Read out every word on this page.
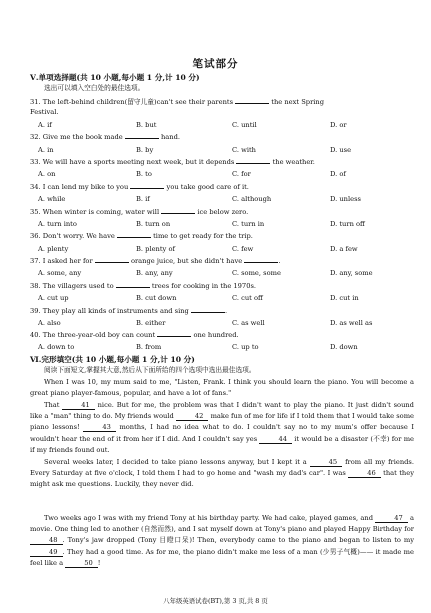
笔试部分
Ⅴ.单项选择题(共 10 小题,每小题 1 分,计 10 分)
选出可以填入空白处的最佳选项。
31. The left-behind children(留守儿童)can't see their parents	the next Spring
Festival.
A. if	B. but	C. until	D. or
32. Give me the book made	hand.
A. in	B. by	C. with	D. use
33. We will have a sports meeting next week, but it depends	the weather.
A. on	B. to	C. for	D. of
34. I can lend my bike to you	you take good care of it.
A. while	B. if	C. although	D. unless
35. When winter is coming, water will	ice below zero.
A. turn into	B. turn on	C. turn in	D. turn off
36. Don't worry. We have	time to get ready for the trip.
A. plenty	B. plenty of	C. few	D. a few
37. I asked her for	orange juice, but she didn't have	.
A. some, any	B. any, any	C. some, some	D. any, some
38. The villagers used to	trees for cooking in the 1970s.
A. cut up	B. cut down	C. cut off	D. cut in
39. They play all kinds of instruments and sing	.
A. also	B. either	C. as well	D. as well as
40. The three-year-old boy can count	one hundred.
A. down to	B. from	C. up to	D. down
Ⅵ.完形填空(共 10 小题,每小题 1 分,计 10 分)
阅读下面短文,掌握其大意,然后从下面所给的四个选项中选出最佳选项。
When I was 10, my mum said to me, "Listen, Frank. I think you should learn the piano. You will become a great piano player-famous, popular, and have a lot of fans."
That	41 nice. But for me, the problem was that I didn't want to play the piano. It just didn't sound like a "man" thing to do. My friends would	42 make fun of me for life if I told them that I would take some piano lessons!	43 months, I had no idea what to do. I couldn't say no to my mum's offer because I wouldn't hear the end of it from her if I did. And I couldn't say yes	44 it would be a disaster (不幸) for me if my friends found out.
Several weeks later, I decided to take piano lessons anyway, but I kept it a	45 from all my friends. Every Saturday at five o'clock, I told them I had to go home and "wash my dad's car". I was	46 that they might ask me questions. Luckily, they never did.
Two weeks ago I was with my friend Tony at his birthday party. We had cake, played games, and	47 a movie. One thing led to another (自然而然), and I sat myself down at Tony's piano and played Happy Birthday for 48 . Tony's jaw dropped (Tony 目瞪口呆)! Then, everybody came to the piano and began to listen to my 49 . They had a good time. As for me, the piano didn't make me less of a man (少男子气概)—— it made me feel like a	50 !
八年级英语试卷(BT),第 3 页,共 8 页
